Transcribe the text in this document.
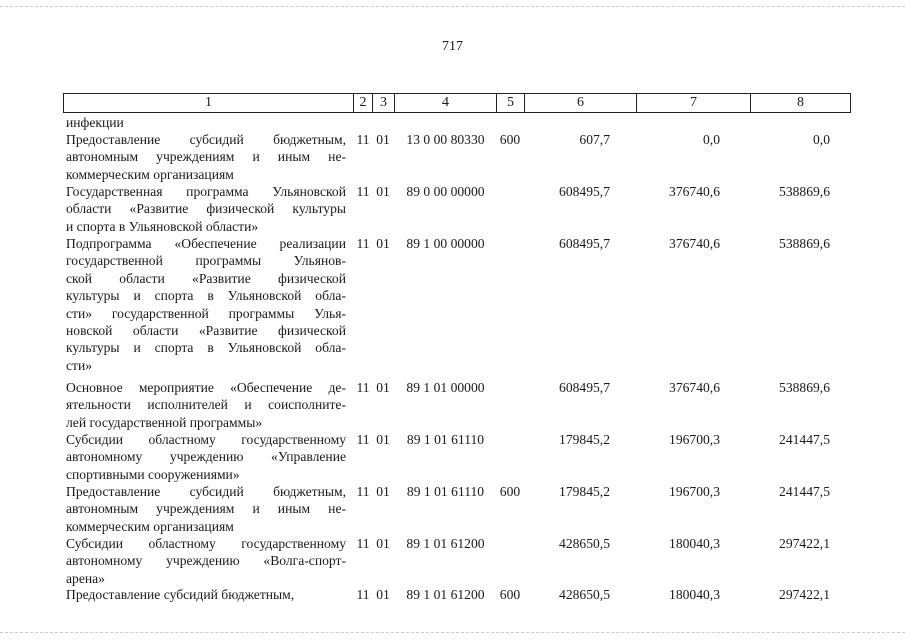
717
1	2 3	4	5	6	7	8
инфекции
Предоставление субсидий бюджетным,
автономным учреждениям и иным не-
коммерческим организациям
11 01	13 0 00 80330	600	607,7	0,0	0,0
Государственная программа Ульяновской
области «Развитие физической культуры
и спорта в Ульяновской области»
11 01	89 0 00 00000	608495,7	376740,6	538869,6
Подпрограмма «Обеспечение реализации
государственной программы Ульянов-
ской области «Развитие физической
культуры и спорта в Ульяновской обла-
сти» государственной программы Улья-
новской области «Развитие физической
культуры и спорта в Ульяновской обла-
сти»
11 01	89 1 00 00000	608495,7	376740,6	538869,6
Основное мероприятие «Обеспечение де-
ятельности исполнителей и соисполните-
лей государственной программы»
11 01	89 1 01 00000	608495,7	376740,6	538869,6
Субсидии областному государственному
автономному учреждению «Управление
спортивными сооружениями»
11 01	89 1 01 61110	179845,2	196700,3	241447,5
Предоставление субсидий бюджетным,
автономным учреждениям и иным не-
коммерческим организациям
11 01	89 1 01 61110	600	179845,2	196700,3	241447,5
Субсидии областному государственному
автономному учреждению «Волга-спорт-
арена»
11 01	89 1 01 61200	428650,5	180040,3	297422,1
Предоставление субсидий бюджетным,	11 01	89 1 01 61200	600	428650,5	180040,3	297422,1
